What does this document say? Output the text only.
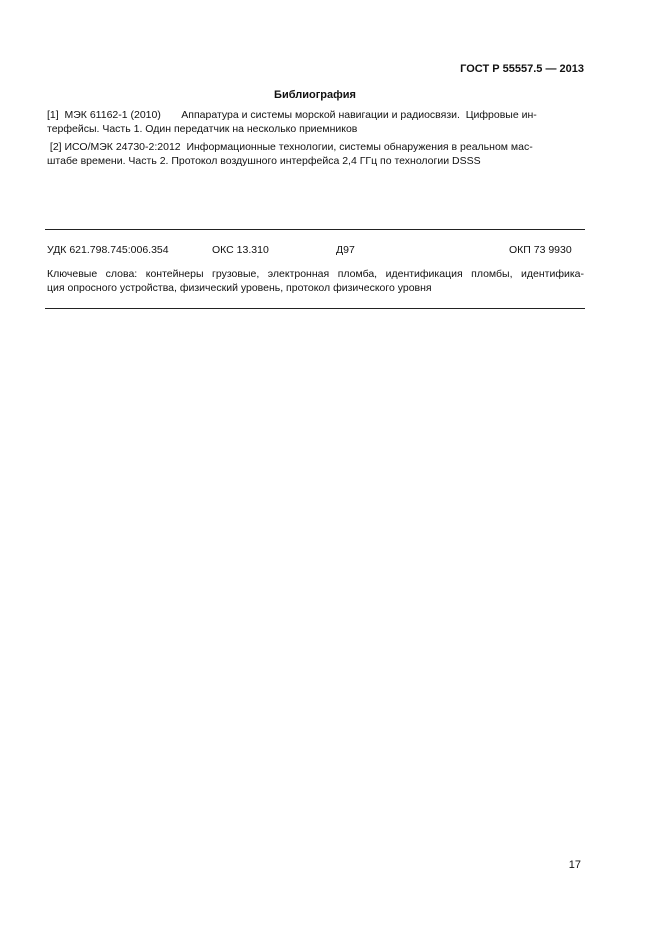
ГОСТ Р 55557.5 — 2013
Библиография
[1]  МЭК 61162-1 (2010)       Аппаратура и системы морской навигации и радиосвязи.  Цифровые ин-
терфейсы. Часть 1. Один передатчик на несколько приемников
[2] ИСО/МЭК 24730-2:2012  Информационные технологии, системы обнаружения в реальном мас-
штабе времени. Часть 2. Протокол воздушного интерфейса 2,4 ГГц по технологии DSSS
УДК 621.798.745:006.354	ОКС 13.310	Д97	ОКП 73 9930
Ключевые слова: контейнеры грузовые, электронная пломба, идентификация пломбы, идентифика-
ция опросного устройства, физический уровень, протокол физического уровня
17
